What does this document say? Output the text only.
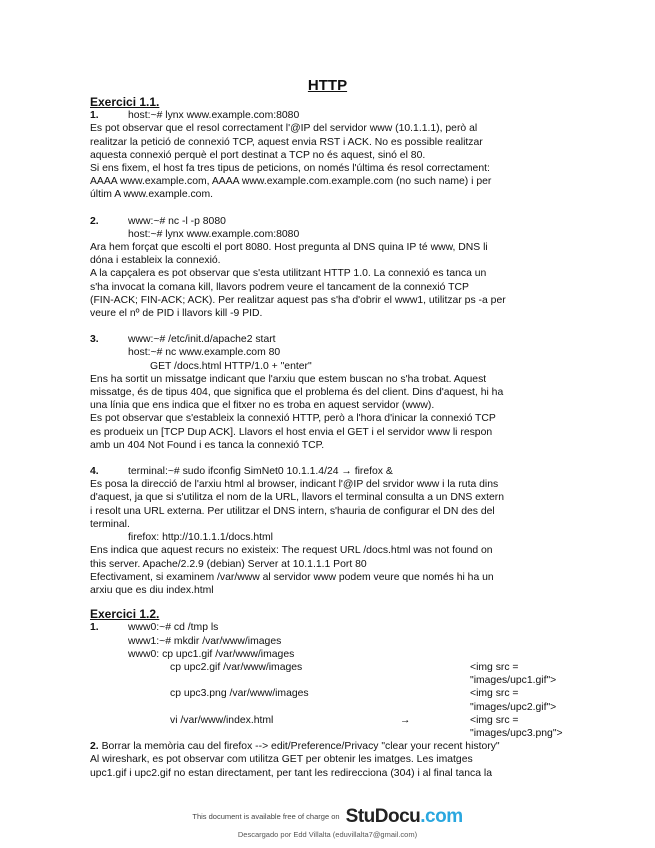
HTTP

Exercici 1.1.

1.	host:~# lynx www.example.com:8080

Es pot observar que el resol correctament l'@IP del servidor www (10.1.1.1), però al

realitzar la petició de connexió TCP, aquest envia RST i ACK. No es possible realitzar

aquesta connexió perquè el port destinat a TCP no és aquest, sinó el 80.

Si ens fixem, el host fa tres tipus de peticions, on només l'última és resol correctament:

AAAA www.example.com, AAAA www.example.com.example.com (no such name) i per

últim A www.example.com.

2.	www:~# nc -l -p 8080

host:~# lynx www.example.com:8080

Ara hem forçat que escolti el port 8080. Host pregunta al DNS quina IP té www, DNS li

dóna i estableix la connexió.

A la capçalera es pot observar que s'esta utilitzant HTTP 1.0. La connexió es tanca un

s'ha invocat la comana kill, llavors podrem veure el tancament de la connexió TCP

(FIN-ACK; FIN-ACK; ACK). Per realitzar aquest pas s'ha d'obrir el www1, utilitzar ps -a per

veure el nº de PID i llavors kill -9 PID.

3.	www:~# /etc/init.d/apache2 start

host:~# nc www.example.com 80

GET /docs.html HTTP/1.0 + "enter"

Ens ha sortit un missatge indicant que l'arxiu que estem buscan no s'ha trobat. Aquest

missatge, és de tipus 404, que significa que el problema és del client. Dins d'aquest, hi ha

una línia que ens indica que el fitxer no es troba en aquest servidor (www).

Es pot observar que s'estableix la connexió HTTP, però a l'hora d'inicar la connexió TCP

es produeix un [TCP Dup ACK]. Llavors el host envia el GET i el servidor www li respon

amb un 404 Not Found i es tanca la connexió TCP.

4.	terminal:~# sudo ifconfig SimNet0 10.1.1.4/24 → firefox &

Es posa la direcció de l'arxiu html al browser, indicant l'@IP del srvidor www i la ruta dins

d'aquest, ja que si s'utilitza el nom de la URL, llavors el terminal consulta a un DNS extern

i resolt una URL externa. Per utilitzar el DNS intern, s'hauria de configurar el DN des del

terminal.

firefox: http://10.1.1.1/docs.html

Ens indica que aquest recurs no existeix: The request URL /docs.html was not found on

this server. Apache/2.2.9 (debian) Server at 10.1.1.1 Port 80

Efectivament, si examinem /var/www al servidor www podem veure que només hi ha un

arxiu que es diu index.html

Exercici 1.2.

1.	www0:~# cd /tmp ls

www1:~# mkdir /var/www/images

www0: cp upc1.gif /var/www/images

cp upc2.gif /var/www/images	<img src = "images/upc1.gif">
cp upc3.png /var/www/images	<img src = "images/upc2.gif">
vi /var/www/index.html	→	<img src = "images/upc3.png">

2. Borrar la memòria cau del firefox --> edit/Preference/Privacy "clear your recent history"

Al wireshark, es pot observar com utilitza GET per obtenir les imatges. Les imatges

upc1.gif i upc2.gif no estan directament, per tant les redirecciona (304) i al final tanca la

This document is available free of charge on StuDocu.com
Descargado por Edd Villalta (eduvillalta7@gmail.com)
